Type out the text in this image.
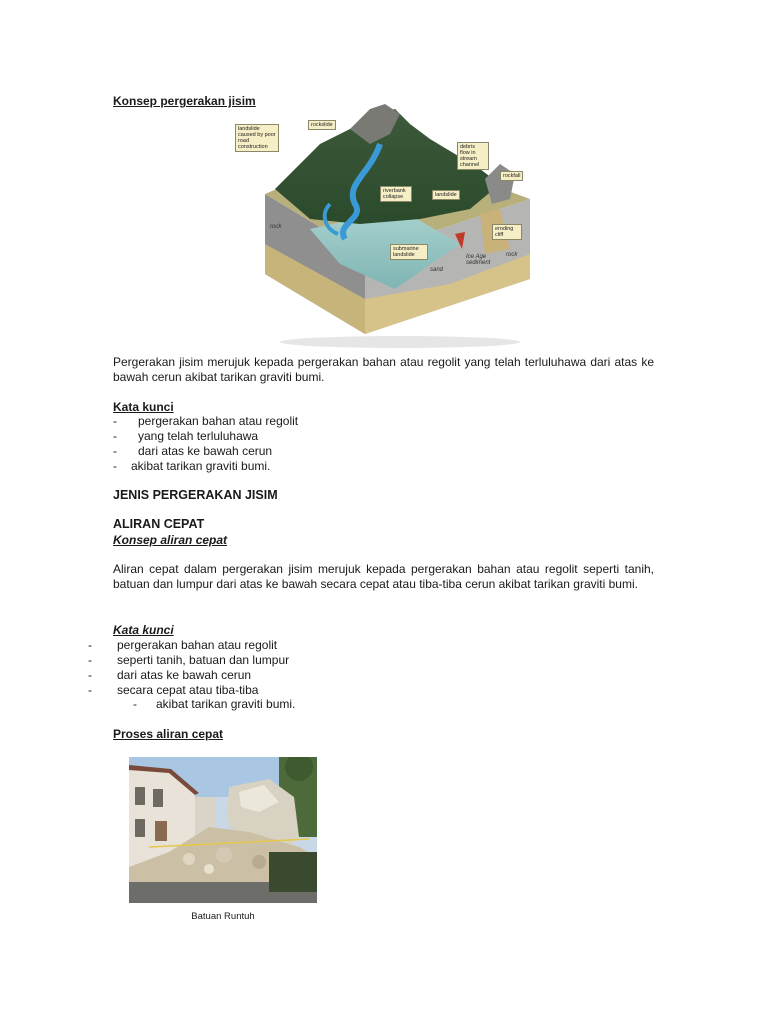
Konsep pergerakan jisim
landslide caused by poor road construction
rockslide
debris flow in stream channel
rockfall
riverbank collapse	landslide
eroding cliff
submarine landslide	Ice Age sediment
sand
rock
rock
Pergerakan jisim merujuk kepada pergerakan bahan atau regolit yang telah terluluhawa dari atas ke bawah cerun akibat tarikan graviti bumi.
Kata kunci
- pergerakan bahan atau regolit
- yang telah terluluhawa
- dari atas ke bawah cerun
- akibat tarikan graviti bumi.
JENIS PERGERAKAN JISIM
ALIRAN CEPAT
Konsep aliran cepat
Aliran cepat dalam pergerakan jisim merujuk kepada pergerakan bahan atau regolit seperti tanih, batuan dan lumpur dari atas ke bawah secara cepat atau tiba-tiba cerun akibat tarikan graviti bumi.
Kata kunci
- pergerakan bahan atau regolit
- seperti tanih, batuan dan lumpur
- dari atas ke bawah cerun
- secara cepat atau tiba-tiba
- akibat tarikan graviti bumi.
Proses aliran cepat
Batuan Runtuh
